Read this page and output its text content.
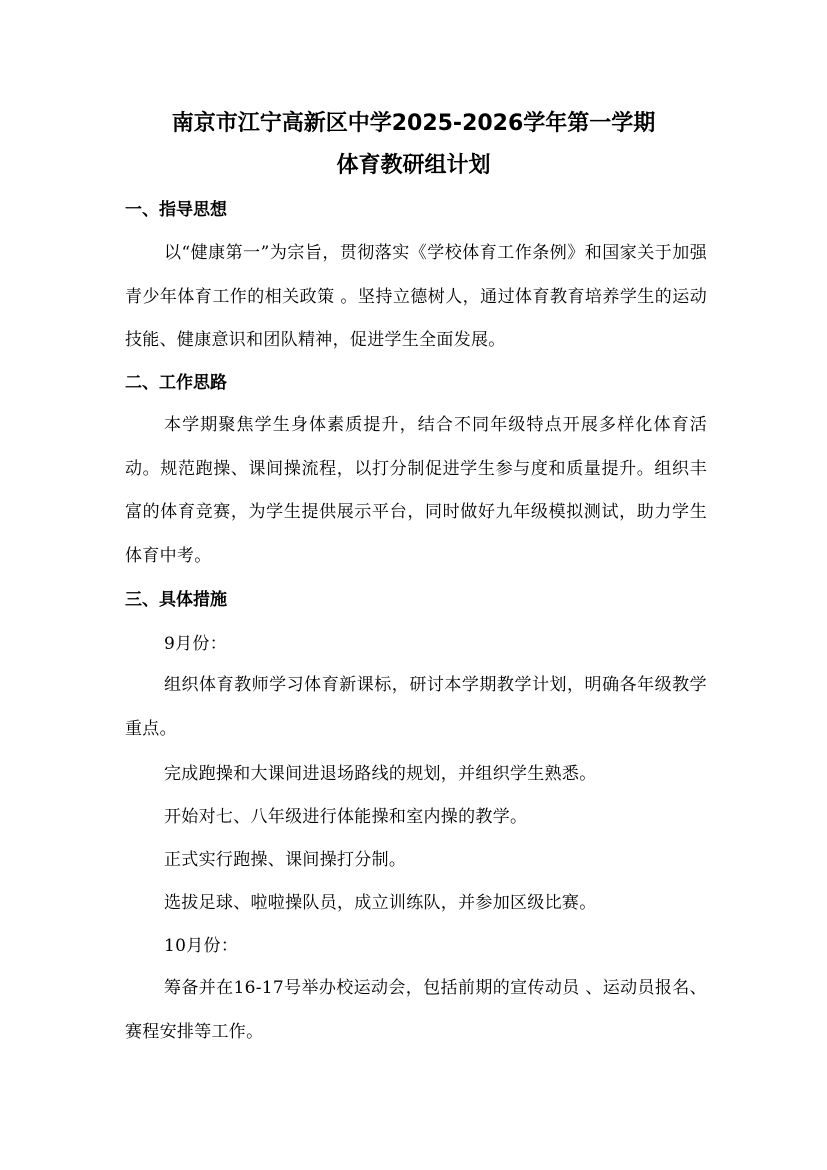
南京市江宁高新区中学2025-2026学年第一学期
体育教研组计划
一、指导思想
以“健康第一”为宗旨，贯彻落实《学校体育工作条例》和国家关于加强青少年体育工作的相关政策 。坚持立德树人，通过体育教育培养学生的运动技能、健康意识和团队精神，促进学生全面发展。
二、工作思路
本学期聚焦学生身体素质提升，结合不同年级特点开展多样化体育活动。规范跑操、课间操流程，以打分制促进学生参与度和质量提升。组织丰富的体育竞赛，为学生提供展示平台，同时做好九年级模拟测试，助力学生体育中考。
三、具体措施
9月份：
组织体育教师学习体育新课标，研讨本学期教学计划，明确各年级教学重点。
完成跑操和大课间进退场路线的规划，并组织学生熟悉。
开始对七、八年级进行体能操和室内操的教学。
正式实行跑操、课间操打分制。
选拔足球、啦啦操队员，成立训练队，并参加区级比赛。
10月份：
筹备并在16-17号举办校运动会，包括前期的宣传动员 、运动员报名、赛程安排等工作。
